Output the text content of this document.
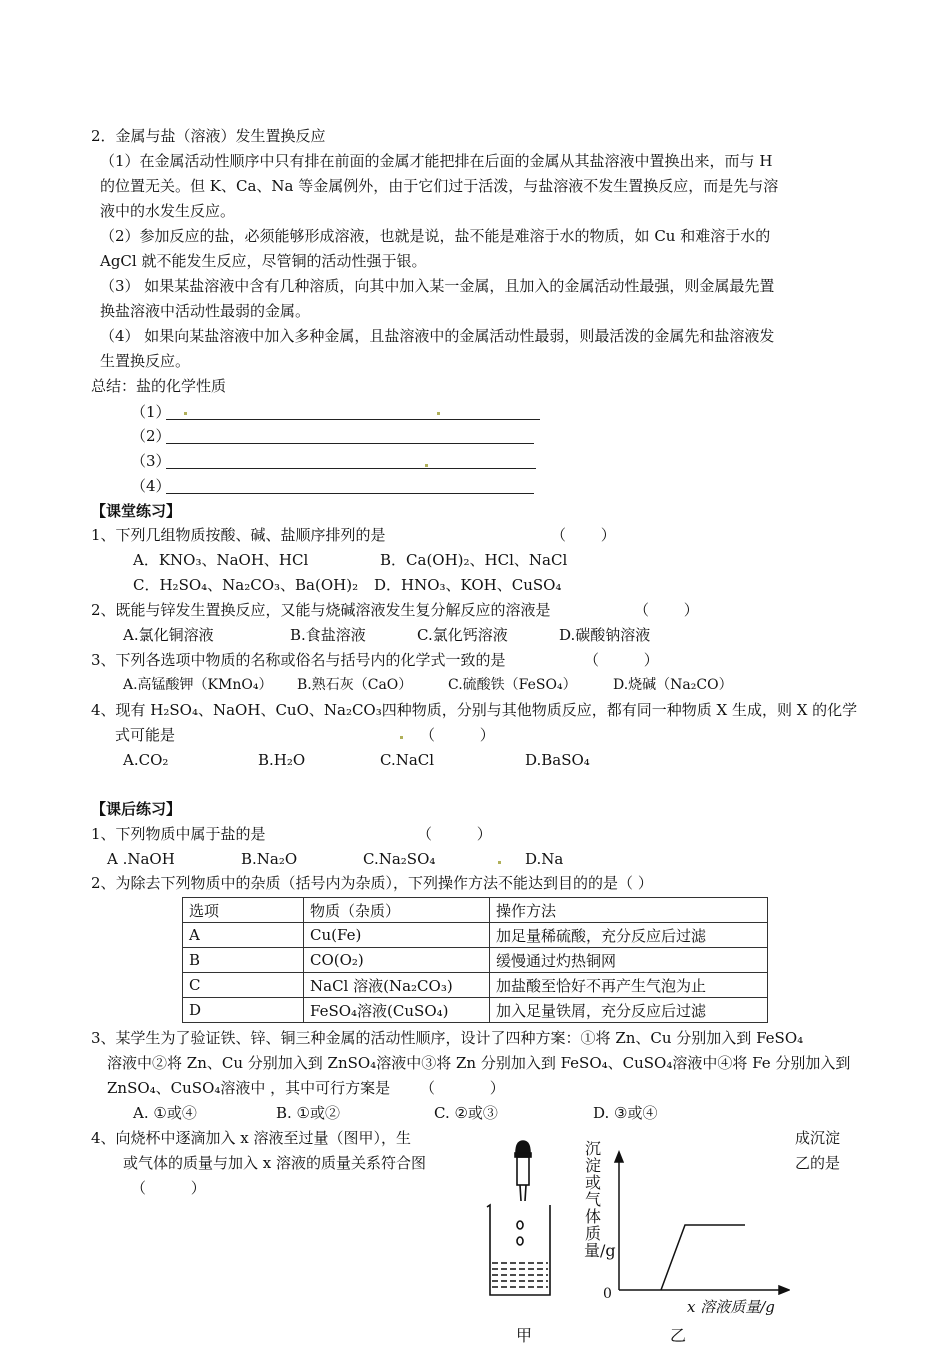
2．金属与盐（溶液）发生置换反应
（1）在金属活动性顺序中只有排在前面的金属才能把排在后面的金属从其盐溶液中置换出来，而与 H
的位置无关。但 K、Ca、Na 等金属例外，由于它们过于活泼，与盐溶液不发生置换反应，而是先与溶
液中的水发生反应。
（2）参加反应的盐，必须能够形成溶液，也就是说，盐不能是难溶于水的物质，如 Cu 和难溶于水的
AgCl 就不能发生反应，尽管铜的活动性强于银。
（3） 如果某盐溶液中含有几种溶质，向其中加入某一金属，且加入的金属活动性最强，则金属最先置
换盐溶液中活动性最弱的金属。
（4） 如果向某盐溶液中加入多种金属，且盐溶液中的金属活动性最弱，则最活泼的金属先和盐溶液发
生置换反应。
总结：盐的化学性质
（1）
（2）
（3）
（4）
【课堂练习】
1、下列几组物质按酸、碱、盐顺序排列的是	（ ）
A．KNO₃、NaOH、HCl	B．Ca(OH)₂、HCl、NaCl
C．H₂SO₄、Na₂CO₃、Ba(OH)₂ D．HNO₃、KOH、CuSO₄
2、既能与锌发生置换反应，又能与烧碱溶液发生复分解反应的溶液是	（ ）
A.氯化铜溶液	B.食盐溶液	C.氯化钙溶液	D.碳酸钠溶液
3、下列各选项中物质的名称或俗名与括号内的化学式一致的是	（ ）
A.高锰酸钾（KMnO₄） B.熟石灰（CaO）	C.硫酸铁（FeSO₄）	D.烧碱（Na₂CO）
4、现有 H₂SO₄、NaOH、CuO、Na₂CO₃四种物质，分别与其他物质反应，都有同一种物质 X 生成，则 X 的化学
式可能是	（ ）
A.CO₂	B.H₂O	C.NaCl	D.BaSO₄
【课后练习】
1、下列物质中属于盐的是	（ ）
A .NaOH	B.Na₂O	C.Na₂SO₄	D.Na
2、为除去下列物质中的杂质（括号内为杂质），下列操作方法不能达到目的的是（ ）
选项	物质（杂质）	操作方法
A	Cu(Fe)	加足量稀硫酸，充分反应后过滤
B	CO(O₂)	缓慢通过灼热铜网
C	NaCl 溶液(Na₂CO₃)	加盐酸至恰好不再产生气泡为止
D	FeSO₄溶液(CuSO₄)	加入足量铁屑，充分反应后过滤
3、某学生为了验证铁、锌、铜三种金属的活动性顺序，设计了四种方案：①将 Zn、Cu 分别加入到 FeSO₄
溶液中②将 Zn、Cu 分别加入到 ZnSO₄溶液中③将 Zn 分别加入到 FeSO₄、CuSO₄溶液中④将 Fe 分别加入到
ZnSO₄、CuSO₄溶液中 ，其中可行方案是 （ ）
A. ①或④	B. ①或②	C. ②或③	D. ③或④
4、向烧杯中逐滴加入 x 溶液至过量（图甲），生	成沉淀
或气体的质量与加入 x 溶液的质量关系符合图	乙的是
（ ）
沉淀或气体质量/g
0
x 溶液质量/g
甲	乙
